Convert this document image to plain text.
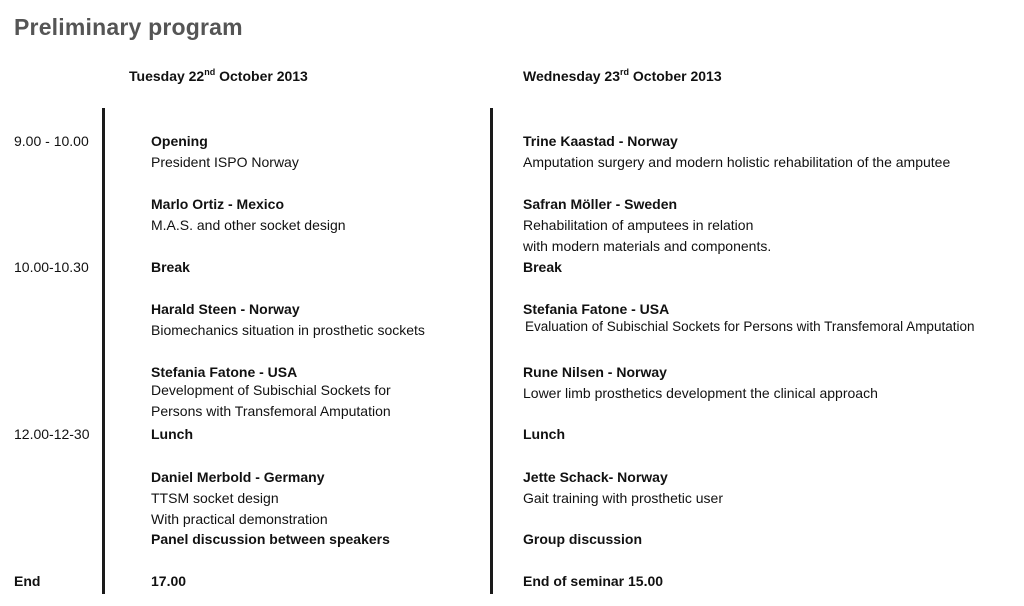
Preliminary program
Tuesday 22nd October 2013	Wednesday 23rd October 2013
9.00 - 10.00
10.00-10.30
12.00-12-30
End
Opening
President ISPO Norway
Marlo Ortiz - Mexico
M.A.S. and other socket design
Break
Harald Steen - Norway
Biomechanics situation in prosthetic sockets
Stefania Fatone - USA
Development of Subischial Sockets for
Persons with Transfemoral Amputation
Lunch
Daniel Merbold - Germany
TTSM socket design
With practical demonstration
Panel discussion between speakers
17.00
Trine Kaastad - Norway
Amputation surgery and modern holistic rehabilitation of the amputee
Safran Möller - Sweden
Rehabilitation of amputees in relation
with modern materials and components.
Break
Stefania Fatone - USA
Evaluation of Subischial Sockets for Persons with Transfemoral Amputation
Rune Nilsen - Norway
Lower limb prosthetics development the clinical approach
Lunch
Jette Schack- Norway
Gait training with prosthetic user
Group discussion
End of seminar 15.00
